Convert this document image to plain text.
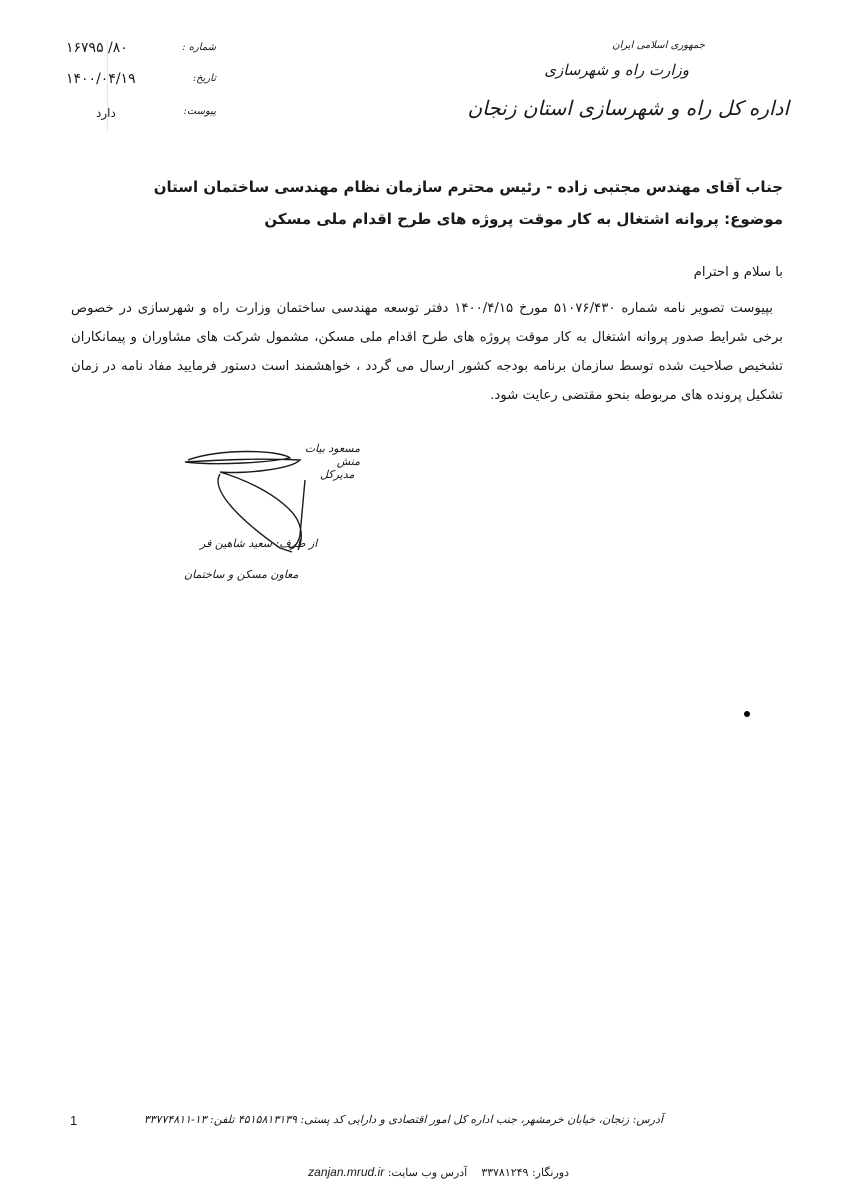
جمهوری اسلامی ایران
وزارت راه و شهرسازی
اداره کل راه و شهرسازی استان زنجان
شماره :
۸۰/ ۱۶۷۹۵
تاریخ:
۱۴۰۰/۰۴/۱۹
پیوست:
دارد
جناب آقای مهندس مجتبی زاده - رئیس محترم سازمان نظام مهندسی ساختمان استان
موضوع: پروانه اشتغال به کار موقت پروژه های طرح اقدام ملی مسکن
با سلام و احترام
بپیوست تصویر نامه شماره ۵۱۰۷۶/۴۳۰ مورخ ۱۴۰۰/۴/۱۵ دفتر توسعه مهندسی ساختمان وزارت راه و شهرسازی در خصوص برخی شرایط صدور پروانه اشتغال به کار موقت پروژه های طرح اقدام ملی مسکن، مشمول شرکت های مشاوران و پیمانکاران تشخیص صلاحیت شده توسط سازمان برنامه بودجه کشور ارسال می گردد ، خواهشمند است دستور فرمایید مفاد نامه در زمان تشکیل پرونده های مربوطه بنحو مقتضی رعایت شود.
مسعود بیات منش
مدیرکل
از طرف: سعید شاهین فر
معاون مسکن و ساختمان
1	آدرس: زنجان، خیابان خرمشهر، جنب اداره کل امور اقتصادی و دارایی کد پستی: ۴۵۱۵۸۱۳۱۳۹ تلفن: ۱۳-۳۳۷۷۴۸۱۱
دورنگار: ۳۳۷۸۱۲۴۹    آدرس وب سایت: zanjan.mrud.ir
